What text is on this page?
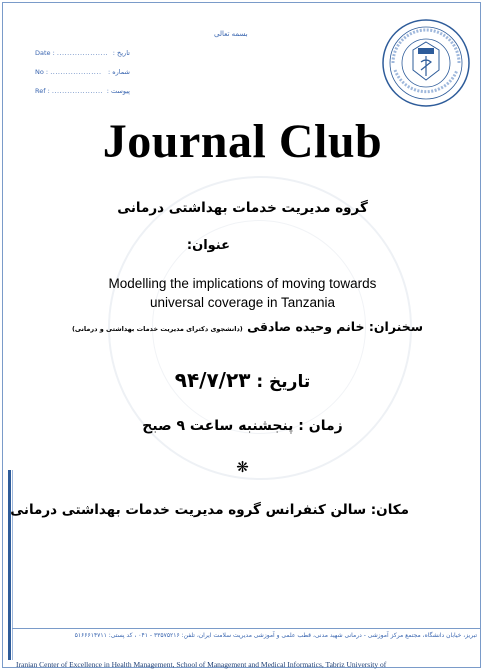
بسمه تعالی
Date : .................... تاریخ :
No : .................... شماره :
Ref : .................... پیوست :
Journal Club
گروه مدیریت خدمات بهداشتی درمانی
عنوان:
Modelling the implications of moving towards
universal coverage in Tanzania
سخنران: خانم وحیده صادقی (دانشجوی دکترای مدیریت خدمات بهداشتی و درمانی)
تاریخ : ۹۴/۷/۲۳
زمان : پنجشنبه ساعت ۹ صبح
❋
مکان: سالن کنفرانس گروه مدیریت خدمات بهداشتی درمانی
تبریز، خیابان دانشگاه، مجتمع مرکز آموزشی - درمانی شهید مدنی، قطب علمی و آموزشی مدیریت سلامت ایران، تلفن: ۳۳۵۷۵۲۱۶ - ۰۴۱ ، کد پستی: ۵۱۶۶۶۱۴۷۱۱
Iranian Center of Excellence in Health Management, School of Management and Medical Informatics, Tabriz University of
